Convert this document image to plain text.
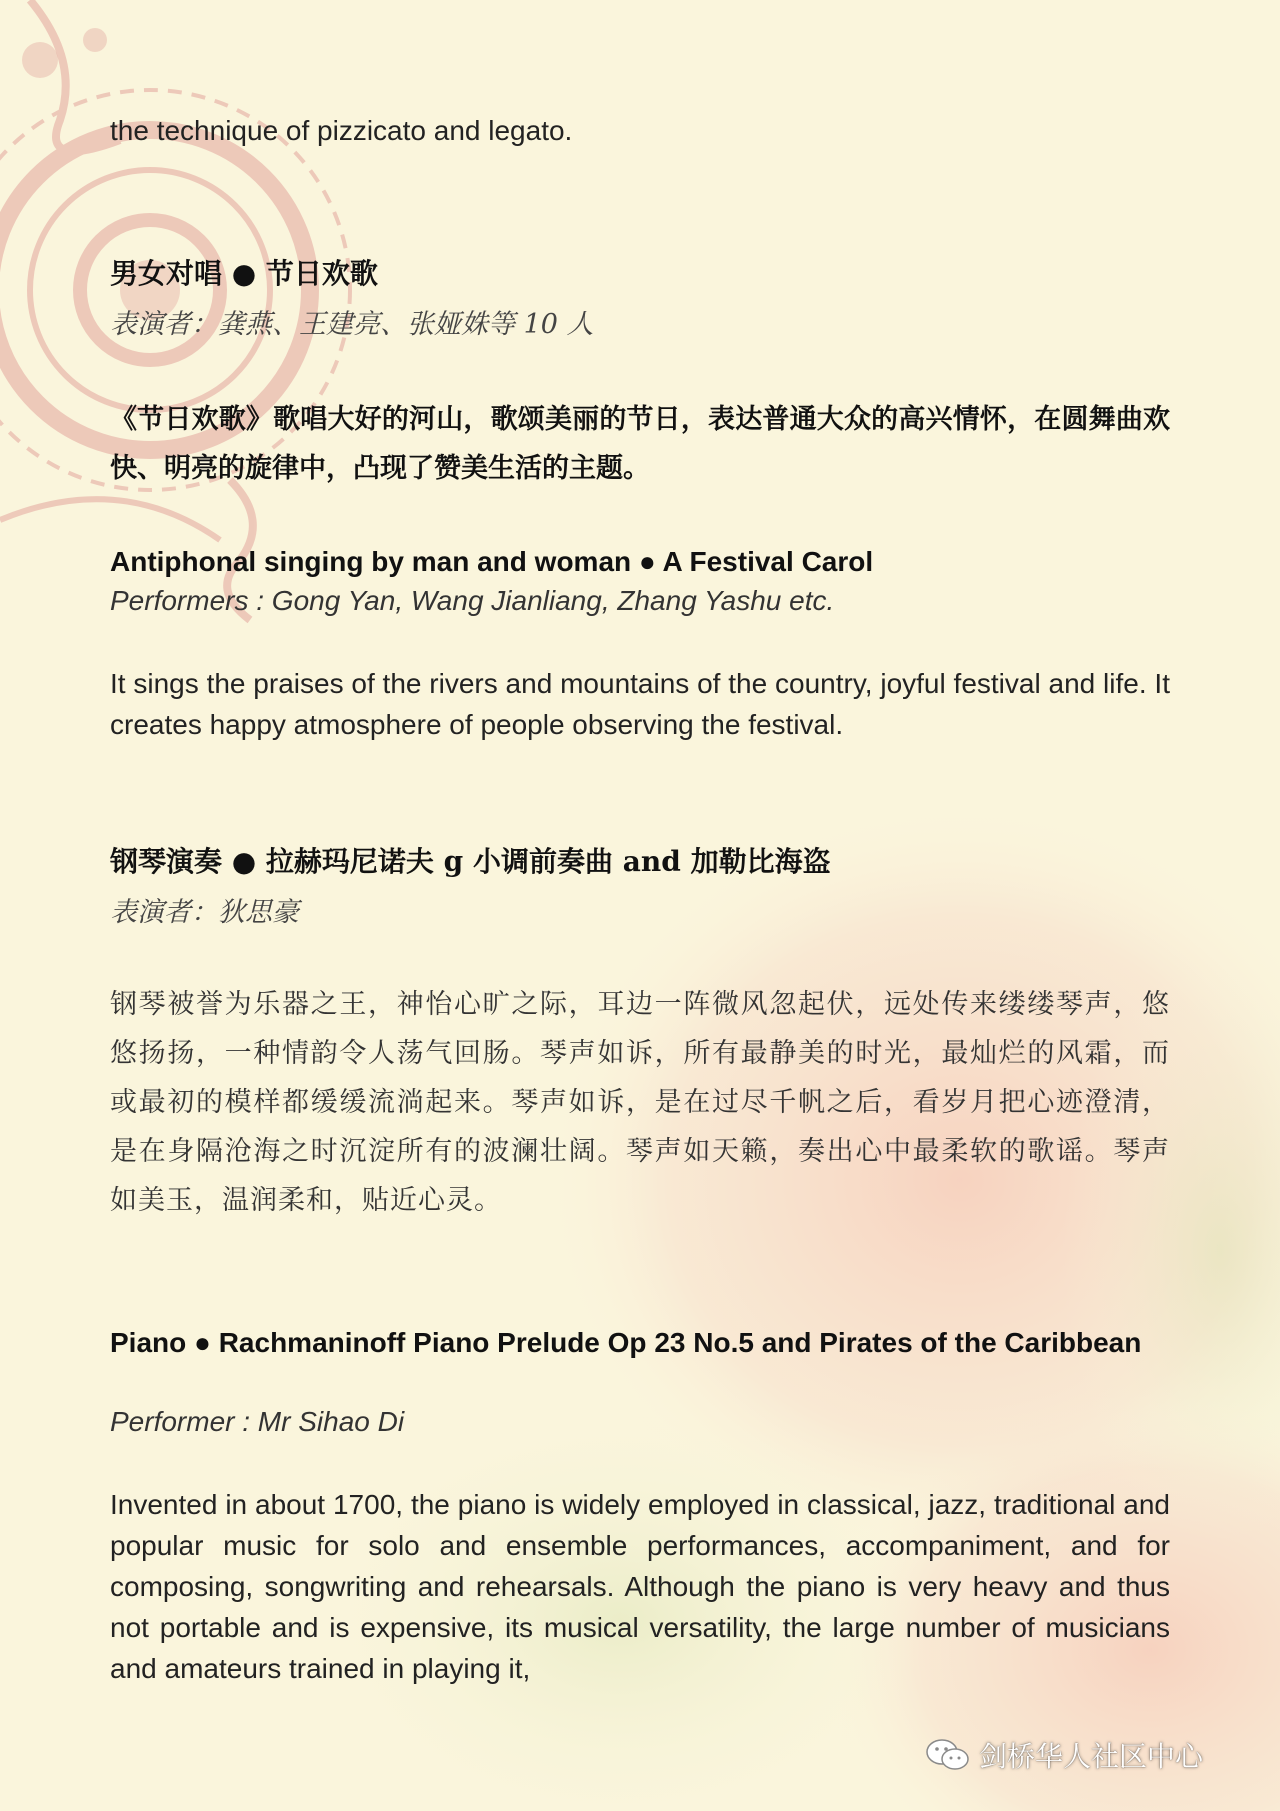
the technique of pizzicato and legato.

男女对唱 ● 节日欢歌

表演者：龚燕、王建亮、张娅姝等 10 人

《节日欢歌》歌唱大好的河山，歌颂美丽的节日，表达普通大众的高兴情怀，在圆舞曲欢快、明亮的旋律中，凸现了赞美生活的主题。

Antiphonal singing by man and woman ● A Festival Carol

Performers : Gong Yan, Wang Jianliang, Zhang Yashu etc.

It sings the praises of the rivers and mountains of the country, joyful festival and life. It creates happy atmosphere of people observing the festival.

钢琴演奏 ● 拉赫玛尼诺夫 g 小调前奏曲 and 加勒比海盗

表演者：狄思豪

钢琴被誉为乐器之王，神怡心旷之际，耳边一阵微风忽起伏，远处传来缕缕琴声，悠悠扬扬，一种情韵令人荡气回肠。琴声如诉，所有最静美的时光，最灿烂的风霜，而或最初的模样都缓缓流淌起来。琴声如诉，是在过尽千帆之后，看岁月把心迹澄清，是在身隔沧海之时沉淀所有的波澜壮阔。琴声如天籁，奏出心中最柔软的歌谣。琴声如美玉，温润柔和，贴近心灵。

Piano ● Rachmaninoff Piano Prelude Op 23 No.5 and Pirates of the Caribbean

Performer : Mr Sihao Di

Invented in about 1700, the piano is widely employed in classical, jazz, traditional and popular music for solo and ensemble performances, accompaniment, and for composing, songwriting and rehearsals. Although the piano is very heavy and thus not portable and is expensive, its musical versatility, the large number of musicians and amateurs trained in playing it,

剑桥华人社区中心
